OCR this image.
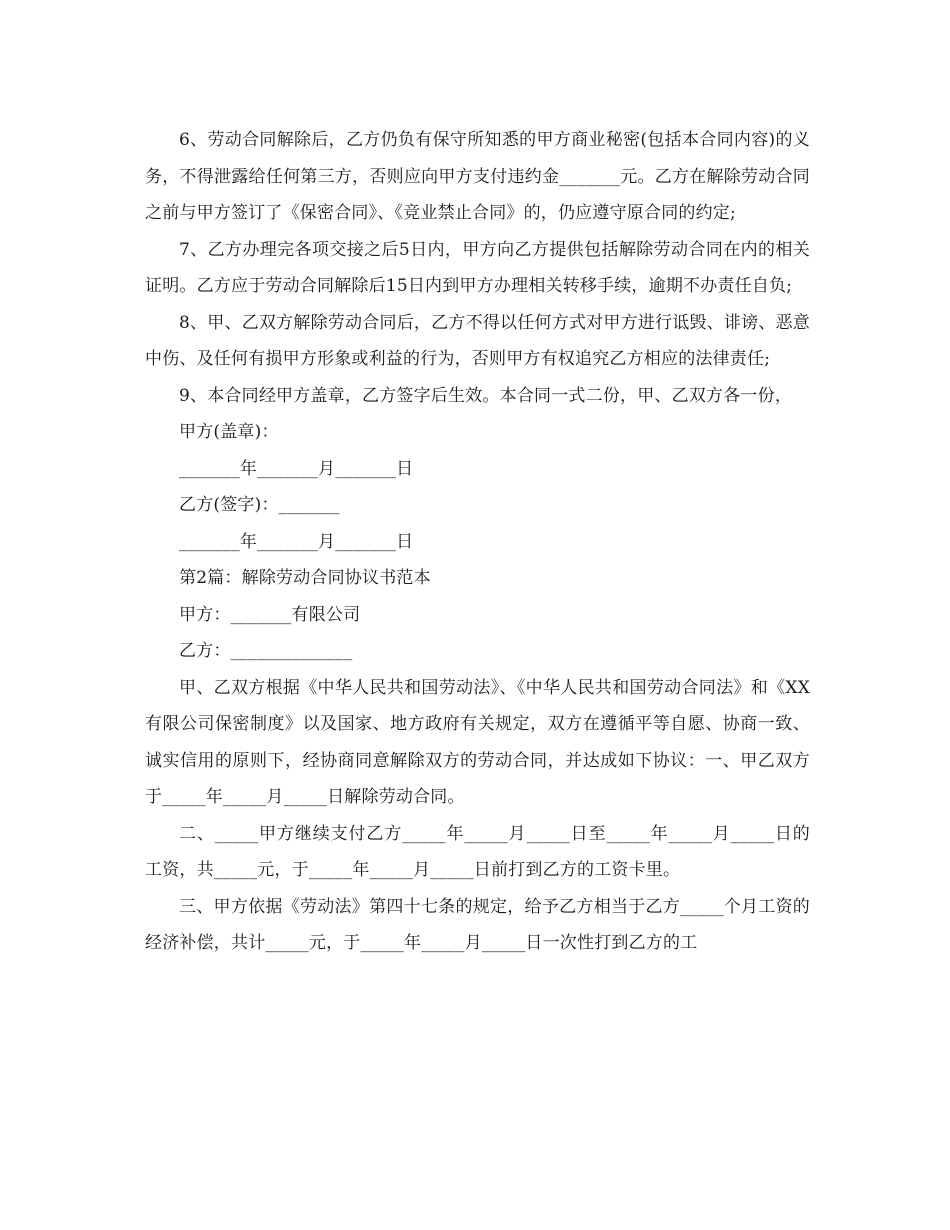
6、劳动合同解除后，乙方仍负有保守所知悉的甲方商业秘密(包括本合同内容)的义务，不得泄露给任何第三方，否则应向甲方支付违约金_______元。乙方在解除劳动合同之前与甲方签订了《保密合同》、《竞业禁止合同》的，仍应遵守原合同的约定;

7、乙方办理完各项交接之后5日内，甲方向乙方提供包括解除劳动合同在内的相关证明。乙方应于劳动合同解除后15日内到甲方办理相关转移手续，逾期不办责任自负;

8、甲、乙双方解除劳动合同后，乙方不得以任何方式对甲方进行诋毁、诽谤、恶意中伤、及任何有损甲方形象或利益的行为，否则甲方有权追究乙方相应的法律责任;

9、本合同经甲方盖章，乙方签字后生效。本合同一式二份，甲、乙双方各一份，

甲方(盖章)：

_______年_______月_______日

乙方(签字)：_______

_______年_______月_______日

第2篇：解除劳动合同协议书范本

甲方：_______有限公司

乙方：______________

甲、乙双方根据《中华人民共和国劳动法》、《中华人民共和国劳动合同法》和《XX有限公司保密制度》以及国家、地方政府有关规定，双方在遵循平等自愿、协商一致、诚实信用的原则下，经协商同意解除双方的劳动合同，并达成如下协议：一、甲乙双方于_____年_____月_____日解除劳动合同。

二、_____甲方继续支付乙方_____年_____月_____日至_____年_____月_____日的工资，共_____元，于_____年_____月_____日前打到乙方的工资卡里。

三、甲方依据《劳动法》第四十七条的规定，给予乙方相当于乙方_____个月工资的经济补偿，共计_____元，于_____年_____月_____日一次性打到乙方的工
